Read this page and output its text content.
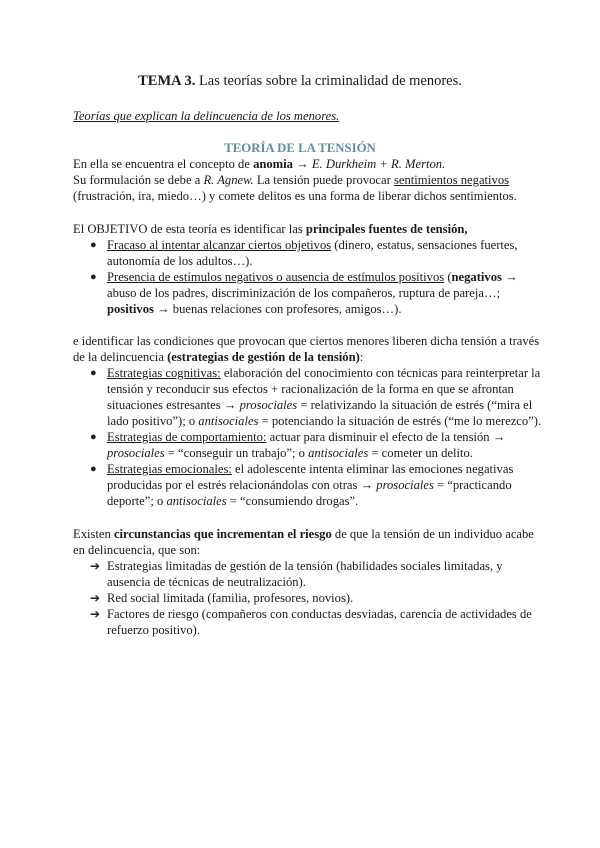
TEMA 3. Las teorías sobre la criminalidad de menores.
Teorías que explican la delincuencia de los menores.
TEORÍA DE LA TENSIÓN
En ella se encuentra el concepto de anomia → E. Durkheim + R. Merton.
Su formulación se debe a R. Agnew. La tensión puede provocar sentimientos negativos
(frustración, ira, miedo…) y comete delitos es una forma de liberar dichos sentimientos.
El OBJETIVO de esta teoría es identificar las principales fuentes de tensión,
● Fracaso al intentar alcanzar ciertos objetivos (dinero, estatus, sensaciones fuertes,
autonomía de los adultos…).
● Presencia de estímulos negativos o ausencia de estímulos positivos (negativos →
abuso de los padres, discriminización de los compañeros, ruptura de pareja…;
positivos → buenas relaciones con profesores, amigos…).
e identificar las condiciones que provocan que ciertos menores liberen dicha tensión a través
de la delincuencia (estrategias de gestión de la tensión):
● Estrategias cognitivas: elaboración del conocimiento con técnicas para reinterpretar la
tensión y reconducir sus efectos + racionalización de la forma en que se afrontan
situaciones estresantes → prosociales = relativizando la situación de estrés (“mira el
lado positivo”); o antisociales = potenciando la situación de estrés (“me lo merezco”).
● Estrategias de comportamiento: actuar para disminuir el efecto de la tensión →
prosociales = “conseguir un trabajo”; o antisociales = cometer un delito.
● Estrategias emocionales: el adolescente intenta eliminar las emociones negativas
producidas por el estrés relacionándolas con otras → prosociales = “practicando
deporte”; o antisociales = “consumiendo drogas”.
Existen circunstancias que incrementan el riesgo de que la tensión de un individuo acabe
en delincuencia, que son:
➔ Estrategias limitadas de gestión de la tensión (habilidades sociales limitadas, y
ausencia de técnicas de neutralización).
➔ Red social limitada (familia, profesores, novios).
➔ Factores de riesgo (compañeros con conductas desviadas, carencia de actividades de
refuerzo positivo).
